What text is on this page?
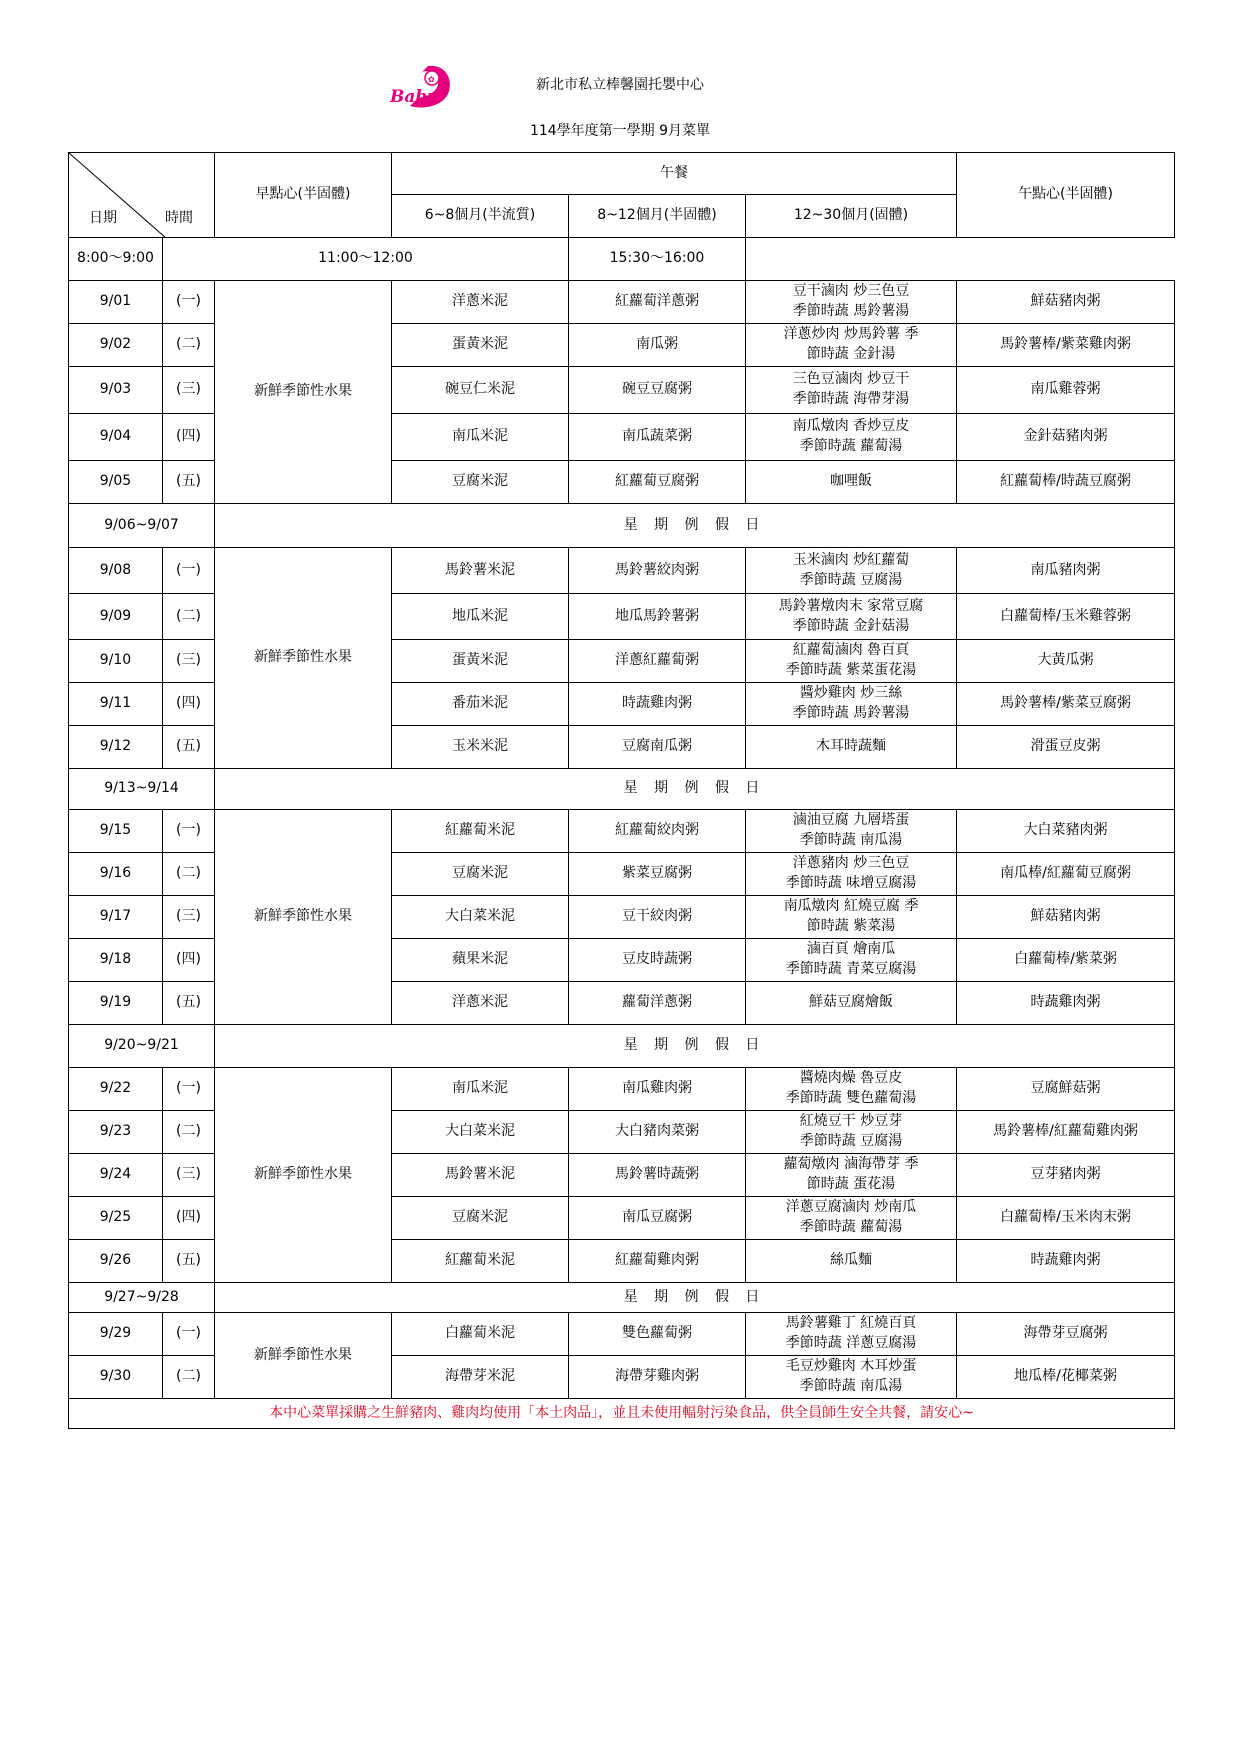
✿
Baby
新北市私立棒馨園托嬰中心
114學年度第一學期 9月菜單
日期 時間		早點心(半固體)	午餐			午點心(半固體)
			6~8個月(半流質)	8~12個月(半固體)	12~30個月(固體)	
8:00～9:00	11:00～12:00			15:30～16:00		
9/01	(一)	新鮮季節性水果	洋蔥米泥	紅蘿蔔洋蔥粥	豆干滷肉 炒三色豆
季節時蔬 馬鈴薯湯	鮮菇豬肉粥
9/02	(二)		蛋黃米泥	南瓜粥	洋蔥炒肉 炒馬鈴薯 季
節時蔬 金針湯	馬鈴薯棒/紫菜雞肉粥
9/03	(三)		碗豆仁米泥	碗豆豆腐粥	三色豆滷肉 炒豆干
季節時蔬 海帶芽湯	南瓜雞蓉粥
9/04	(四)		南瓜米泥	南瓜蔬菜粥	南瓜燉肉 香炒豆皮
季節時蔬 蘿蔔湯	金針菇豬肉粥
9/05	(五)		豆腐米泥	紅蘿蔔豆腐粥	咖哩飯	紅蘿蔔棒/時蔬豆腐粥
9/06~9/07		星 期 例 假 日				
9/08	(一)	新鮮季節性水果	馬鈴薯米泥	馬鈴薯絞肉粥	玉米滷肉 炒紅蘿蔔
季節時蔬 豆腐湯	南瓜豬肉粥
9/09	(二)		地瓜米泥	地瓜馬鈴薯粥	馬鈴薯燉肉末 家常豆腐
季節時蔬 金針菇湯	白蘿蔔棒/玉米雞蓉粥
9/10	(三)		蛋黃米泥	洋蔥紅蘿蔔粥	紅蘿蔔滷肉 魯百頁
季節時蔬 紫菜蛋花湯	大黃瓜粥
9/11	(四)		番茄米泥	時蔬雞肉粥	醬炒雞肉 炒三絲
季節時蔬 馬鈴薯湯	馬鈴薯棒/紫菜豆腐粥
9/12	(五)		玉米米泥	豆腐南瓜粥	木耳時蔬麵	滑蛋豆皮粥
9/13~9/14		星 期 例 假 日				
9/15	(一)	新鮮季節性水果	紅蘿蔔米泥	紅蘿蔔絞肉粥	滷油豆腐 九層塔蛋
季節時蔬 南瓜湯	大白菜豬肉粥
9/16	(二)		豆腐米泥	紫菜豆腐粥	洋蔥豬肉 炒三色豆
季節時蔬 味增豆腐湯	南瓜棒/紅蘿蔔豆腐粥
9/17	(三)		大白菜米泥	豆干絞肉粥	南瓜燉肉 紅燒豆腐 季
節時蔬 紫菜湯	鮮菇豬肉粥
9/18	(四)		蘋果米泥	豆皮時蔬粥	滷百頁 燴南瓜
季節時蔬 青菜豆腐湯	白蘿蔔棒/紫菜粥
9/19	(五)		洋蔥米泥	蘿蔔洋蔥粥	鮮菇豆腐燴飯	時蔬雞肉粥
9/20~9/21		星 期 例 假 日				
9/22	(一)	新鮮季節性水果	南瓜米泥	南瓜雞肉粥	醬燒肉燥 魯豆皮
季節時蔬 雙色蘿蔔湯	豆腐鮮菇粥
9/23	(二)		大白菜米泥	大白豬肉菜粥	紅燒豆干 炒豆芽
季節時蔬 豆腐湯	馬鈴薯棒/紅蘿蔔雞肉粥
9/24	(三)		馬鈴薯米泥	馬鈴薯時蔬粥	蘿蔔燉肉 滷海帶芽 季
節時蔬 蛋花湯	豆芽豬肉粥
9/25	(四)		豆腐米泥	南瓜豆腐粥	洋蔥豆腐滷肉 炒南瓜
季節時蔬 蘿蔔湯	白蘿蔔棒/玉米肉末粥
9/26	(五)		紅蘿蔔米泥	紅蘿蔔雞肉粥	絲瓜麵	時蔬雞肉粥
9/27~9/28		星 期 例 假 日				
9/29	(一)	新鮮季節性水果	白蘿蔔米泥	雙色蘿蔔粥	馬鈴薯雞丁 紅燒百頁
季節時蔬 洋蔥豆腐湯	海帶芽豆腐粥
9/30	(二)		海帶芽米泥	海帶芽雞肉粥	毛豆炒雞肉 木耳炒蛋
季節時蔬 南瓜湯	地瓜棒/花椰菜粥
本中心菜單採購之生鮮豬肉、雞肉均使用「本土肉品」，並且未使用輻射污染食品，供全員師生安全共餐，請安心~						
